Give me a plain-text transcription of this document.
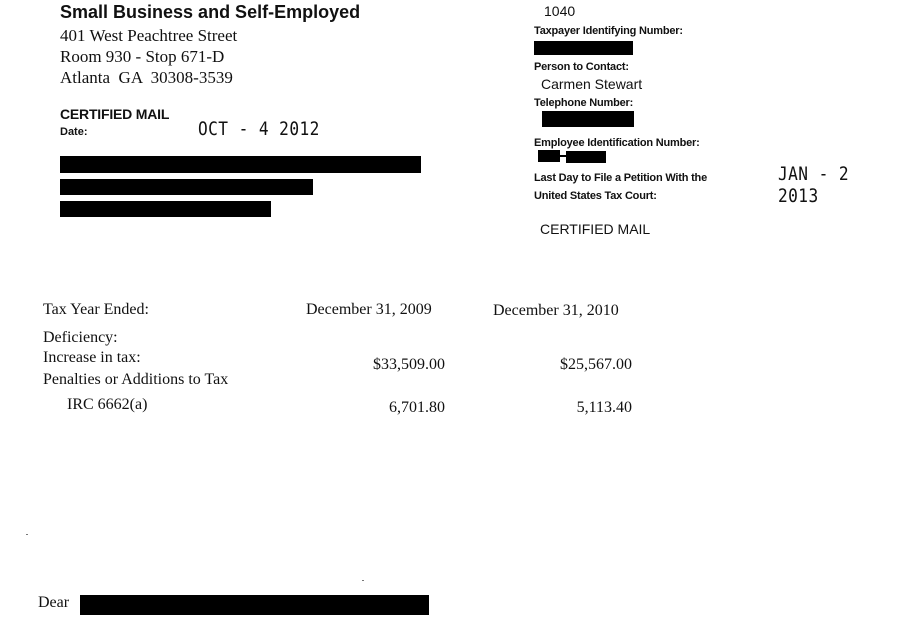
Small Business and Self-Employed
401 West Peachtree Street
Room 930 - Stop 671-D
Atlanta  GA  30308-3539
CERTIFIED MAIL
Date:	OCT - 4 2012
1040
Taxpayer Identifying Number:
Person to Contact:
Carmen Stewart
Telephone Number:
Employee Identification Number:
Last Day to File a Petition With the
United States Tax Court:
JAN - 2 2013
CERTIFIED MAIL
Tax Year Ended:	December 31, 2009	December 31, 2010
Deficiency:
Increase in tax:	$33,509.00	$25,567.00
Penalties or Additions to Tax
IRC 6662(a)	6,701.80	5,113.40
Dear
